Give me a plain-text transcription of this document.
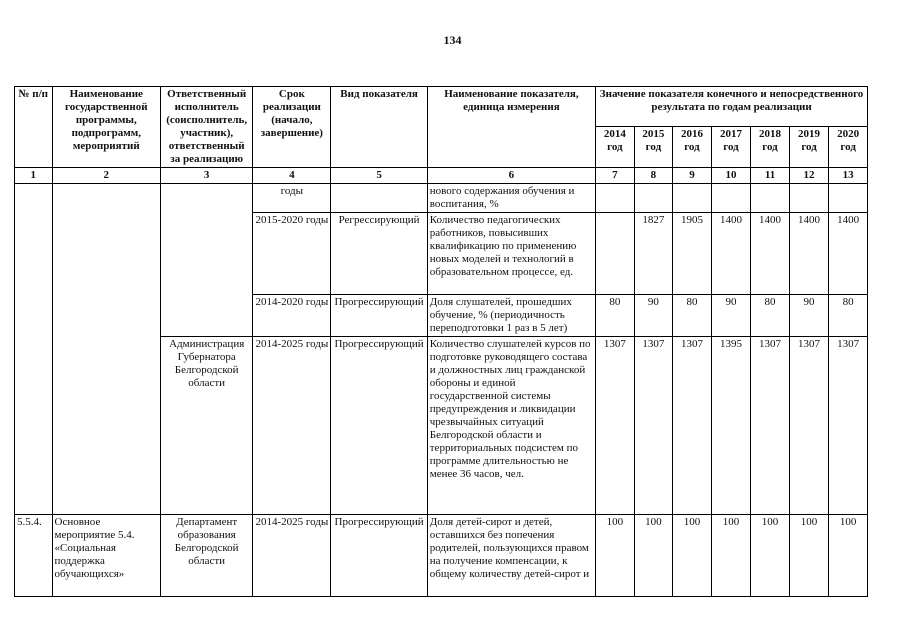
134
№ п/п	Наименование государственной программы, подпрограмм, мероприятий	Ответственный исполнитель (соисполнитель, участник), ответственный за реализацию	Срок реализации (начало, завершение)	Вид показателя	Наименование показателя, единица измерения	Значение показателя конечного и непосредственного результата по годам реализации						
						2014 год	2015 год	2016 год	2017 год	2018 год	2019 год	2020 год
1	2	3	4	5	6	7	8	9	10	11	12	13
			годы		нового содержания обучения и воспитания, %							
			2015-2020 годы	Регрессирующий	Количество педагогических работников, повысивших квалификацию по применению новых моделей и технологий в образовательном процессе, ед.		1827	1905	1400	1400	1400	1400
			2014-2020 годы	Прогрессирующий	Доля слушателей, прошедших обучение, % (периодичность переподготовки 1 раз в 5 лет)	80	90	80	90	80	90	80
		Администрация Губернатора Белгородской области	2014-2025 годы	Прогрессирующий	Количество слушателей курсов по подготовке руководящего состава и должностных лиц гражданской обороны и единой государственной системы предупреждения и ликвидации чрезвычайных ситуаций Белгородской области и территориальных подсистем по программе длительностью не менее 36 часов, чел.	1307	1307	1307	1395	1307	1307	1307
5.5.4.	Основное мероприятие 5.4. «Социальная поддержка обучающихся»	Департамент образования Белгородской области	2014-2025 годы	Прогрессирующий	Доля детей-сирот и детей, оставшихся без попечения родителей, пользующихся правом на получение компенсации, к общему количеству детей-сирот и	100	100	100	100	100	100	100
